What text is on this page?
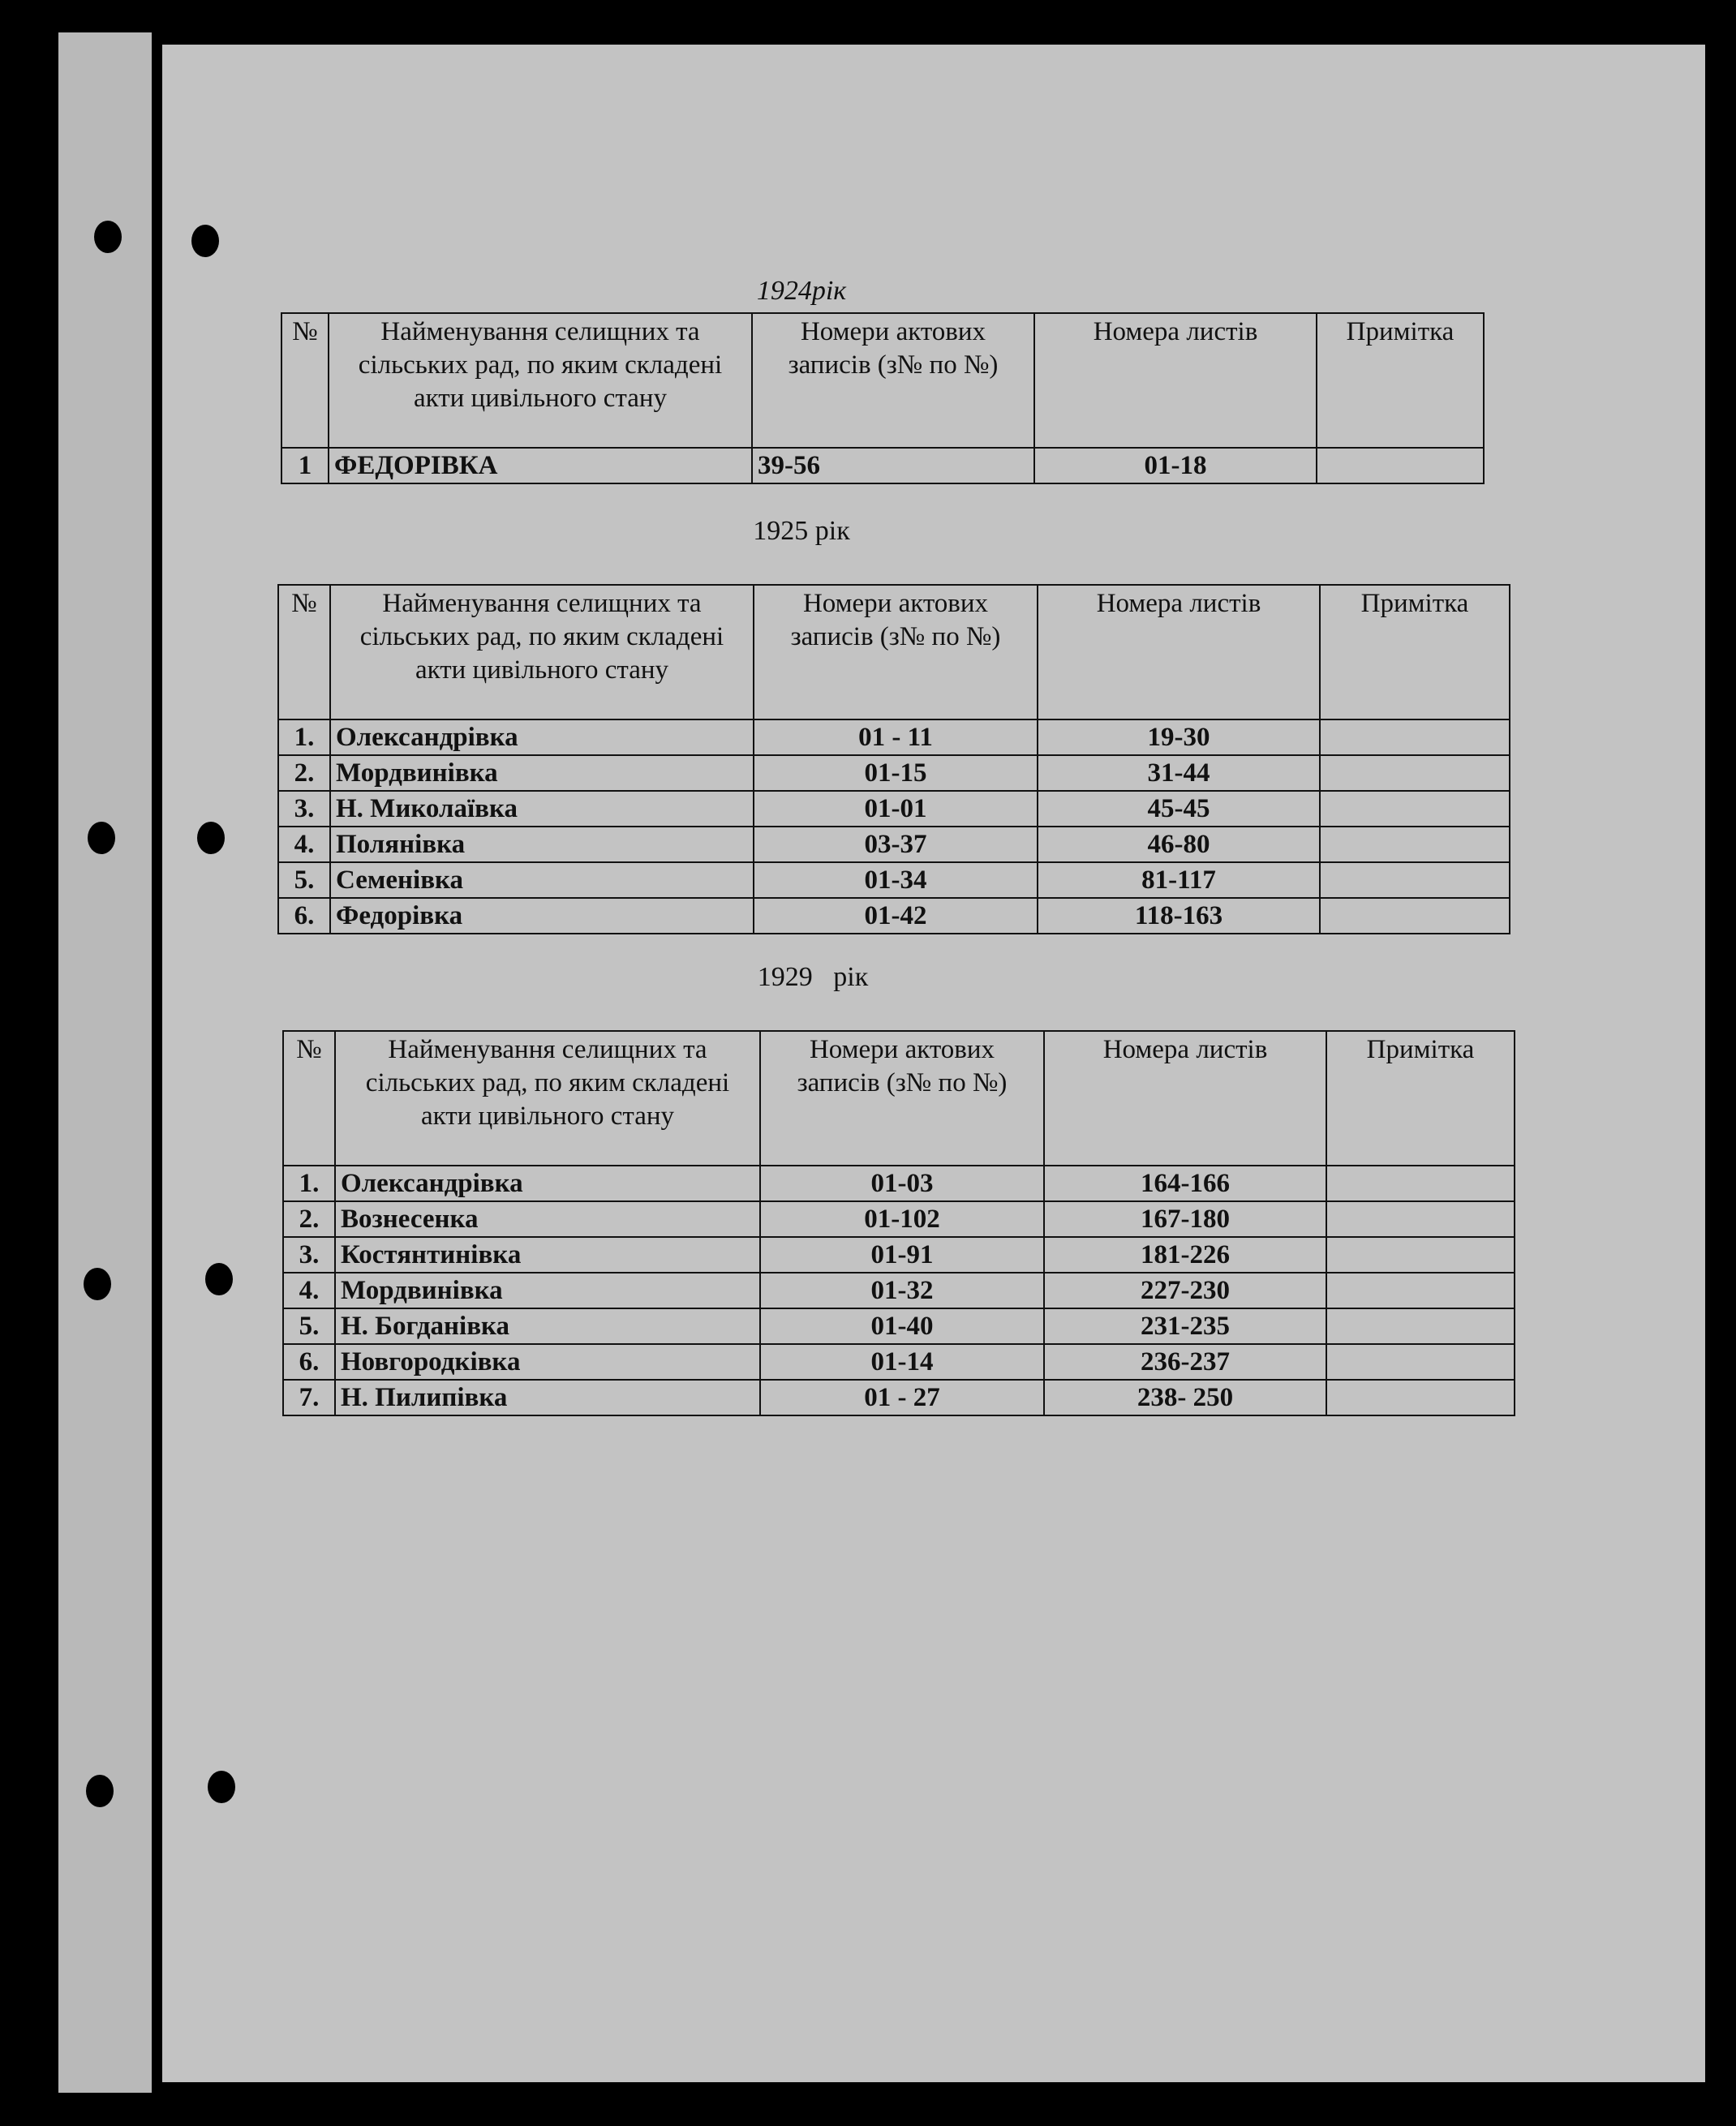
1924рік
№	Найменування селищних та сільських рад, по яким складені акти цивільного стану	Номери актових записів (з№ по №)	Номера листів	Примітка
1	ФЕДОРІВКА	39-56	01-18	
1925 рік
№	Найменування селищних та сільських рад, по яким складені акти цивільного стану	Номери актових записів (з№ по №)	Номера листів	Примітка
1.	Олександрівка	01 - 11	19-30	
2.	Мордвинівка	01-15	31-44	
3.	Н. Миколаївка	01-01	45-45	
4.	Полянівка	03-37	46-80	
5.	Семенівка	01-34	81-117	
6.	Федорівка	01-42	118-163	
1929   рік
№	Найменування селищних та сільських рад, по яким складені акти цивільного стану	Номери актових записів (з№ по №)	Номера листів	Примітка
1.	Олександрівка	01-03	164-166	
2.	Вознесенка	01-102	167-180	
3.	Костянтинівка	01-91	181-226	
4.	Мордвинівка	01-32	227-230	
5.	Н. Богданівка	01-40	231-235	
6.	Новгородківка	01-14	236-237	
7.	Н. Пилипівка	01 - 27	238- 250	
